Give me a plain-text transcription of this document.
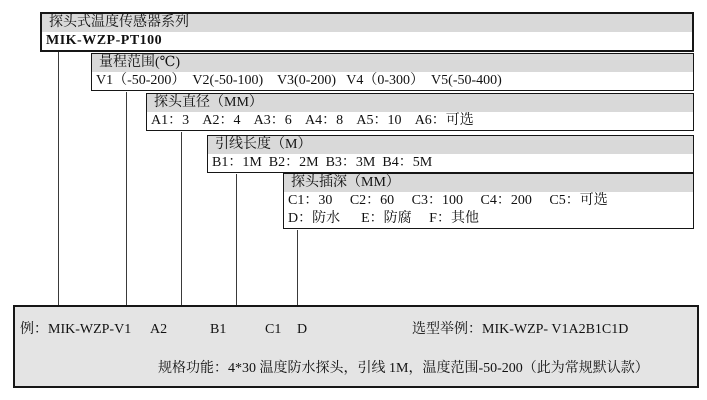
探头式温度传感器系列
MIK-WZP-PT100
量程范围(℃)
V1（-50-200）  V2(-50-100)    V3(0-200)   V4（0-300）  V5(-50-400)
探头直径（MM）
A1：3    A2：4    A3：6    A4：8    A5：10    A6：可选
引线长度（M）
B1：1M  B2：2M  B3：3M  B4：5M
探头插深（MM）
C1：30     C2：60     C3：100     C4：200     C5：可选
D：防水      E：防腐     F：其他
例：MIK-WZP-V1 A2	B1	C1 D	选型举例：MIK-WZP- V1A2B1C1D
规格功能：4*30 温度防水探头，引线 1M，温度范围-50-200（此为常规默认款）
